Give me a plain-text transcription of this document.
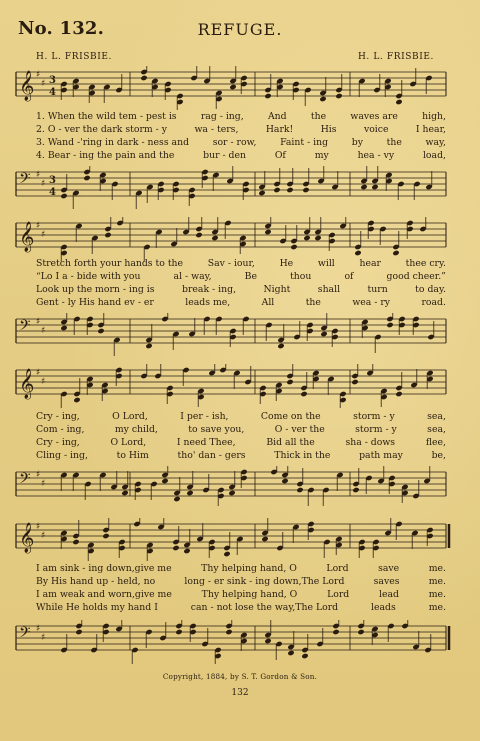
No. 132.	REFUGE.
H. L. FRISBIE.	H. L. FRISBIE.
𝄞 ♯
♯ 3
4
𝄢 ♯
♯ 3
4
𝄞 ♯
♯
𝄢 ♯
♯
𝄞 ♯
♯
𝄢 ♯
♯
𝄞 ♯
♯
𝄢 ♯
♯
1. When the wild tem - pest is	rag - ing,	And	the	waves are	high,
2. O - ver the dark storm - y	wa - ters,	Hark!	His	voice	I hear,
3. Wand -'ring in dark - ness and	sor - row,	Faint - ing	by	the	way,
4. Bear - ing the pain and the	bur - den	Of	my	hea - vy	load,
Stretch forth your hands to the	Sav - iour,	He	will	hear	thee cry.
“Lo I a - bide with you	al - way,	Be	thou	of	good cheer.”
Look up the morn - ing is	break - ing,	Night	shall	turn	to day.
Gent - ly His hand ev - er	leads me,	All	the	wea - ry	road.
Cry - ing,	O Lord,	I per - ish,	Come on the	storm - y	sea,
Com - ing,	my child,	to save you,	O - ver the	storm - y	sea,
Cry - ing,	O Lord,	I need Thee,	Bid all the	sha - dows	flee,
Cling - ing,	to Him	tho' dan - gers	Thick in the	path may	be,
I am sink - ing down,give me	Thy helping hand, O	Lord	save	me.
By His hand up - held, no	long - er sink - ing down,The Lord	saves	me.
I am weak and worn,give me	Thy helping hand, O	Lord	lead	me.
While He holds my hand I	can - not lose the way,The Lord	leads	me.
Copyright, 1884, by S. T. Gordon & Son.
132
